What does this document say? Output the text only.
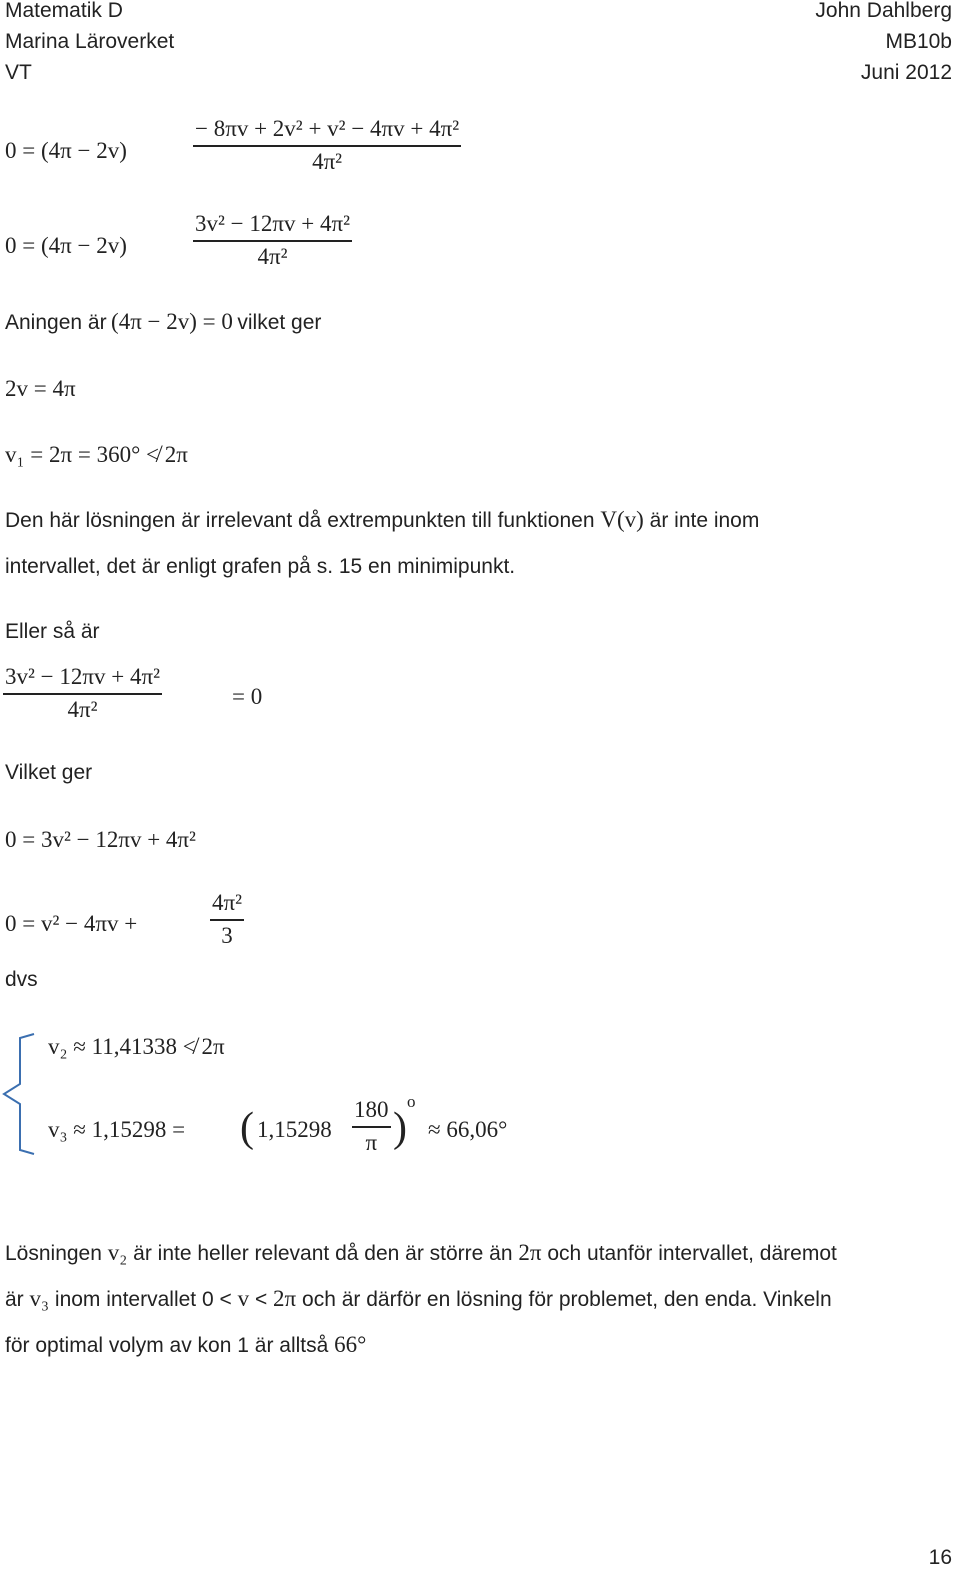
Matematik D
Marina Läroverket
VT
John Dahlberg
MB10b
Juni 2012
0 = (4π − 2v)
− 8πv + 2v² + v² − 4πv + 4π²
4π²
0 = (4π − 2v)
3v² − 12πv + 4π²
4π²
Aningen är (4π − 2v) = 0 vilket ger
2v = 4π
v₁ = 2π = 360° ≮ 2π
Den här lösningen är irrelevant då extrempunkten till funktionen V(v) är inte inom
intervallet, det är enligt grafen på s. 15 en minimipunkt.
Eller så är
3v² − 12πv + 4π²
4π²	= 0
Vilket ger
0 = 3v² − 12πv + 4π²
0 = v² − 4πv +
4π²
3
dvs
v₂ ≈ 11,41338 ≮ 2π
v₃ ≈ 1,15298 = ( 1,15298
180
π )
o
≈ 66,06°
Lösningen v₂ är inte heller relevant då den är större än 2π och utanför intervallet, däremot
är v₃ inom intervallet 0 < v < 2π och är därför en lösning för problemet, den enda. Vinkeln
för optimal volym av kon 1 är alltså 66°
16
